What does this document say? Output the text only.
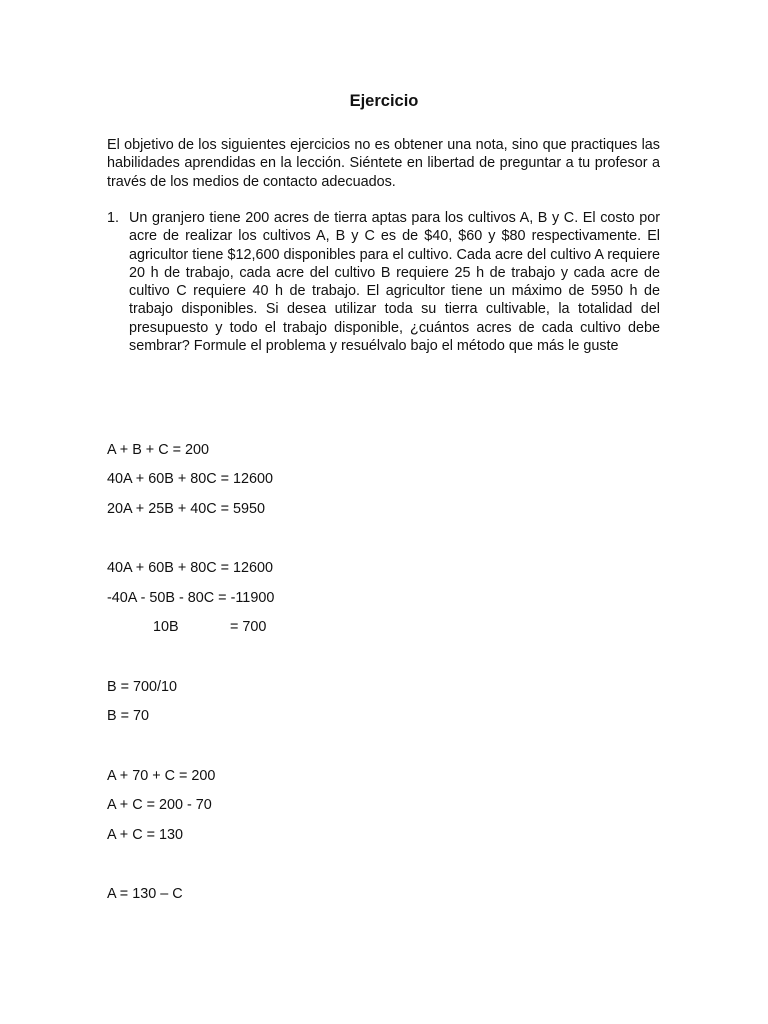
Ejercicio
El objetivo de los siguientes ejercicios no es obtener una nota, sino que practiques las habilidades aprendidas en la lección. Siéntete en libertad de preguntar a tu profesor a través de los medios de contacto adecuados.
1. Un granjero tiene 200 acres de tierra aptas para los cultivos A, B y C. El costo por acre de realizar los cultivos A, B y C es de $40, $60 y $80 respectivamente. El agricultor tiene $12,600 disponibles para el cultivo. Cada acre del cultivo A requiere 20 h de trabajo, cada acre del cultivo B requiere 25 h de trabajo y cada acre de cultivo C requiere 40 h de trabajo. El agricultor tiene un máximo de 5950 h de trabajo disponibles. Si desea utilizar toda su tierra cultivable, la totalidad del presupuesto y todo el trabajo disponible, ¿cuántos acres de cada cultivo debe sembrar? Formule el problema y resuélvalo bajo el método que más le guste
A + B + C = 200
40A + 60B + 80C = 12600
20A + 25B + 40C = 5950
40A + 60B + 80C = 12600
-40A - 50B - 80C = -11900
10B	= 700
B = 700/10
B = 70
A + 70 + C = 200
A + C = 200 - 70
A + C = 130
A = 130 – C
